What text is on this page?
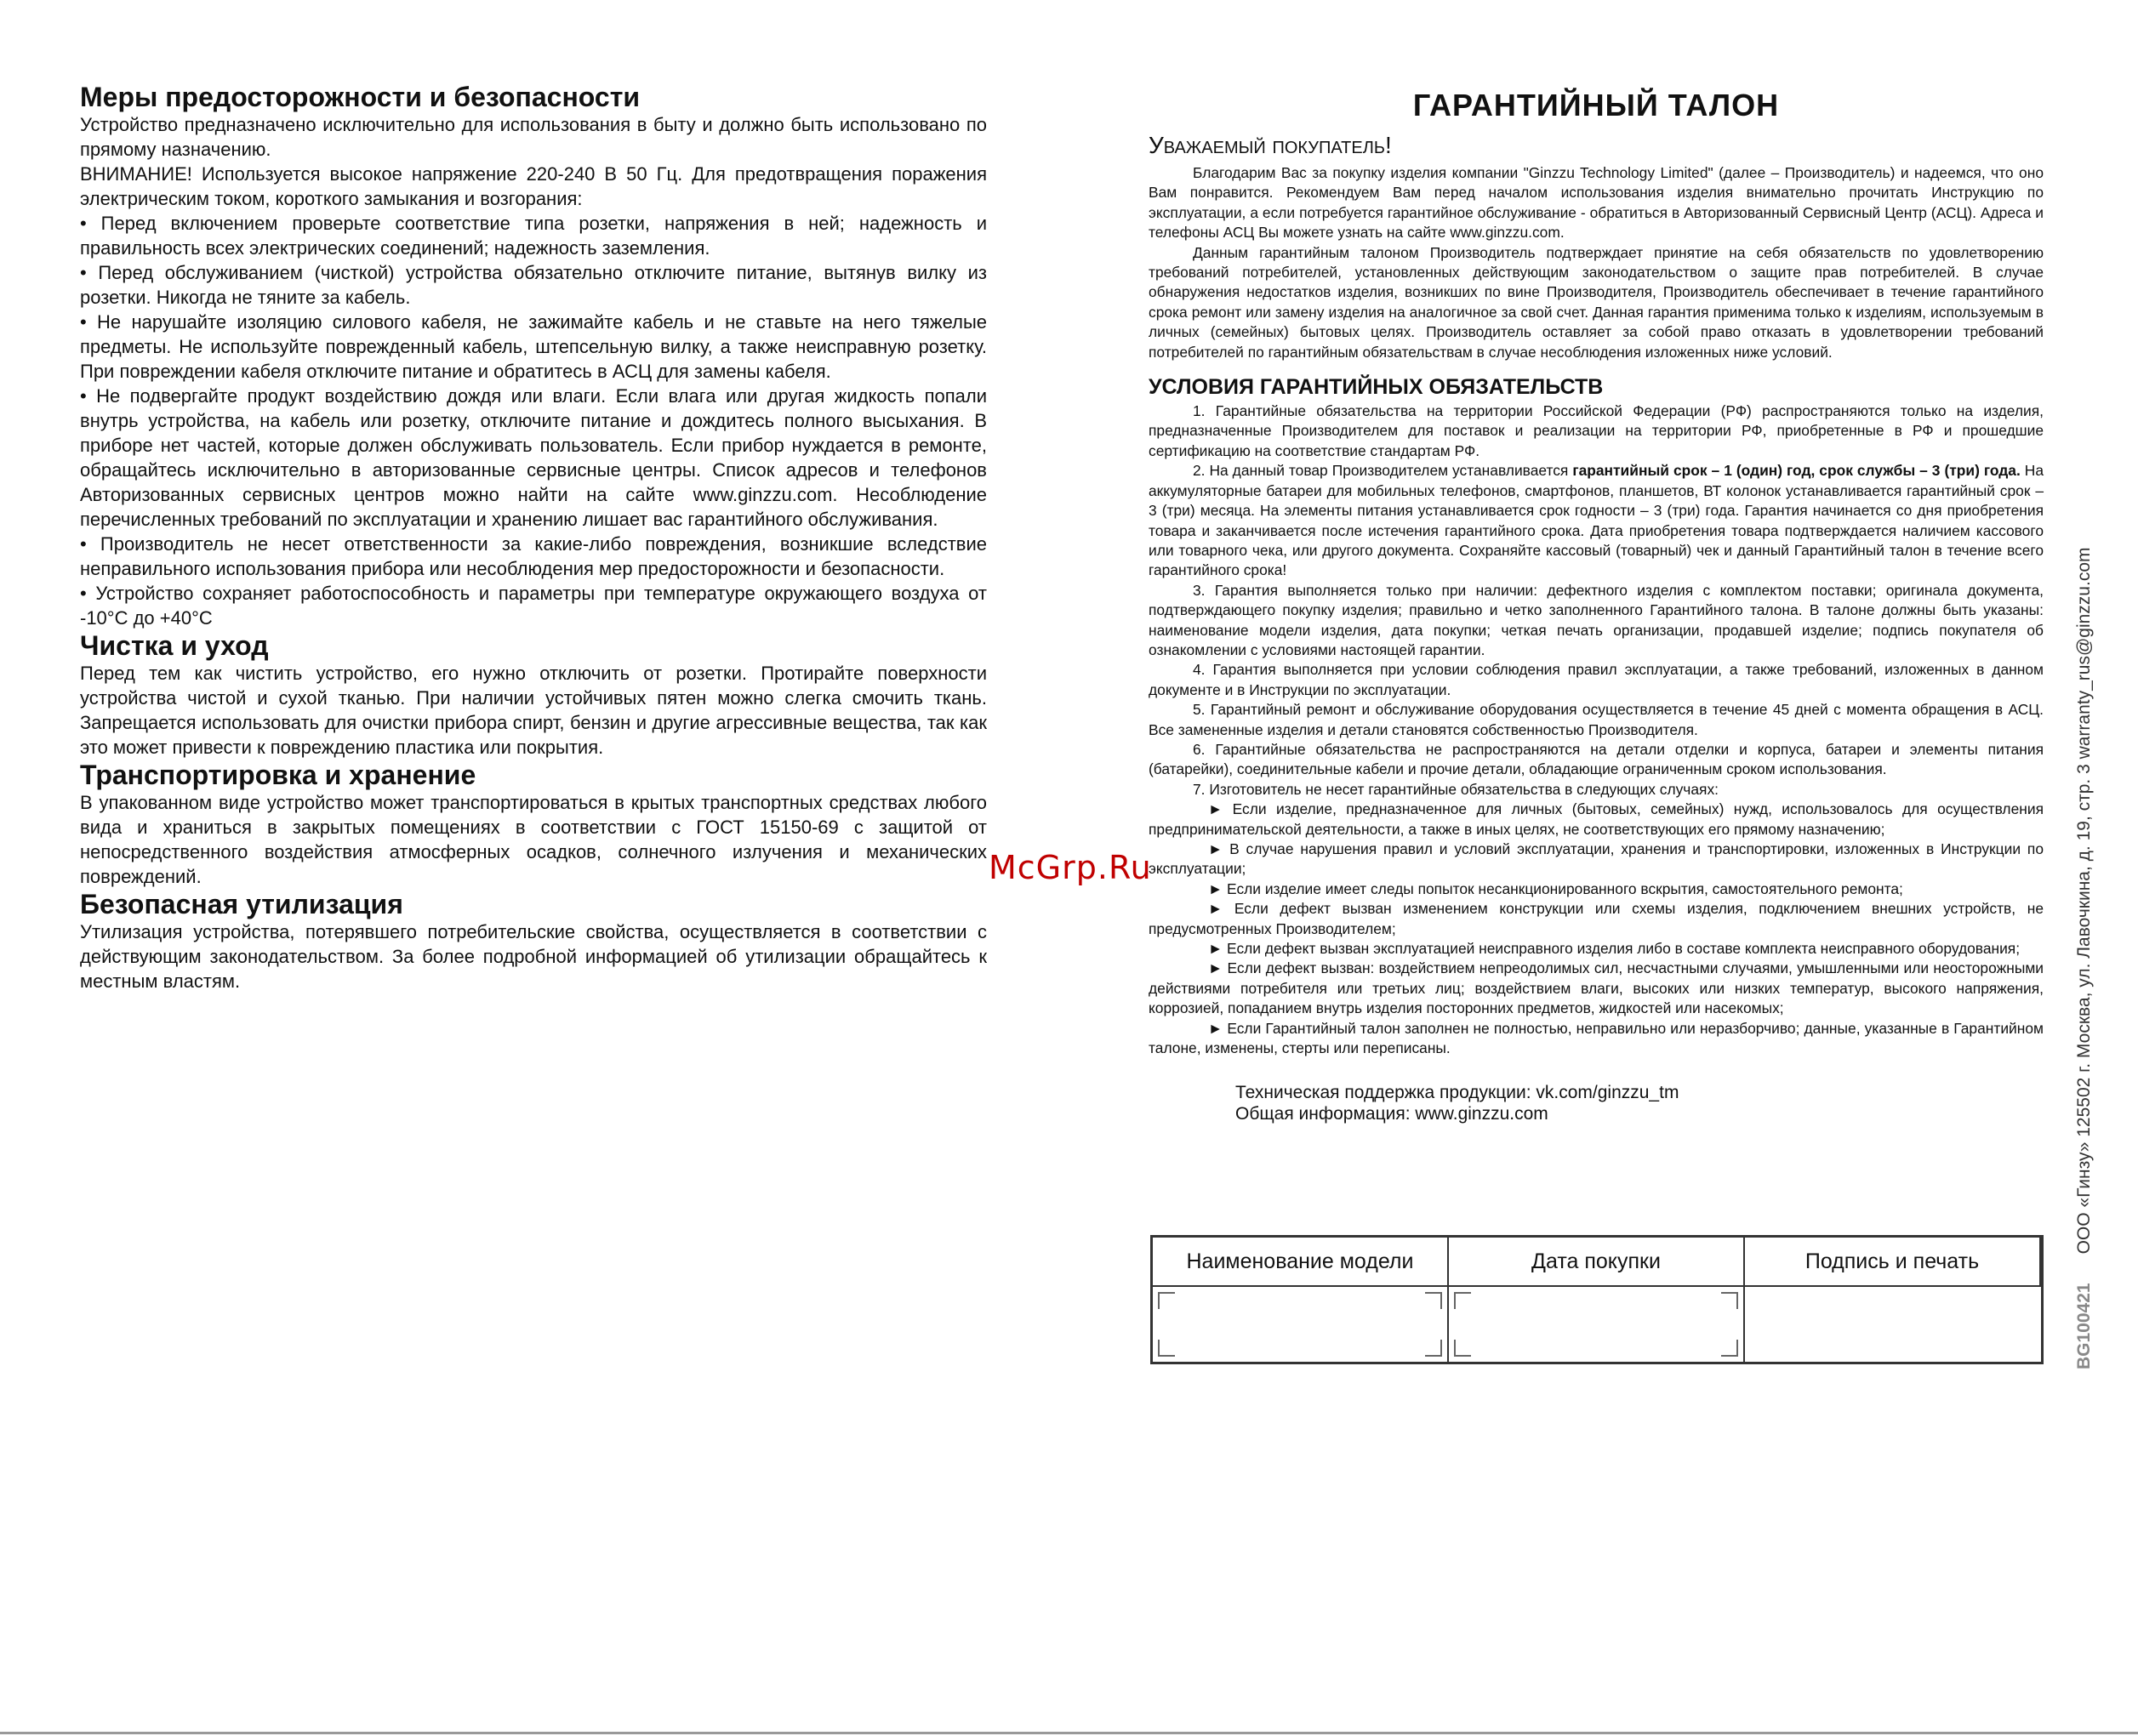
Меры предосторожности и безопасности

Устройство предназначено исключительно для использования в быту и должно быть использовано по прямому назначению.

ВНИМАНИЕ! Используется высокое напряжение 220-240 В 50 Гц. Для предотвращения поражения электрическим током, короткого замыкания и возгорания:

• Перед включением проверьте соответствие типа розетки, напряжения в ней; надежность и правильность всех электрических соединений; надежность заземления.

• Перед обслуживанием (чисткой) устройства обязательно отключите питание, вытянув вилку из розетки. Никогда не тяните за кабель.

• Не нарушайте изоляцию силового кабеля, не зажимайте кабель и не ставьте на него тяжелые предметы. Не используйте поврежденный кабель, штепсельную вилку, а также неисправную розетку. При повреждении кабеля отключите питание и обратитесь в АСЦ для замены кабеля.

• Не подвергайте продукт воздействию дождя или влаги. Если влага или другая жидкость попали внутрь устройства, на кабель или розетку, отключите питание и дождитесь полного высыхания. В приборе нет частей, которые должен обслуживать пользователь. Если прибор нуждается в ремонте, обращайтесь исключительно в авторизованные сервисные центры. Список адресов и телефонов Авторизованных сервисных центров можно найти на сайте www.ginzzu.com. Несоблюдение перечисленных требований по эксплуатации и хранению лишает вас гарантийного обслуживания.

• Производитель не несет ответственности за какие-либо повреждения, возникшие вследствие неправильного использования прибора или несоблюдения мер предосторожности и безопасности.

• Устройство сохраняет работоспособность и параметры при температуре окружающего воздуха от -10°С до +40°С

Чистка и уход

Перед тем как чистить устройство, его нужно отключить от розетки. Протирайте поверхности устройства чистой и сухой тканью. При наличии устойчивых пятен можно слегка смочить ткань. Запрещается использовать для очистки прибора спирт, бензин и другие агрессивные вещества, так как это может привести к повреждению пластика или покрытия.

Транспортировка и хранение

В упакованном виде устройство может транспортироваться в крытых транспортных средствах любого вида и храниться в закрытых помещениях в соответствии с ГОСТ 15150-69 с защитой от непосредственного воздействия атмосферных осадков, солнечного излучения и механических повреждений.

Безопасная утилизация

Утилизация устройства, потерявшего потребительские свойства, осуществляется в соответствии с действующим законодательством. За более подробной информацией об утилизации обращайтесь к местным властям.

ГАРАНТИЙНЫЙ ТАЛОН
Уважаемый покупатель!

Благодарим Вас за покупку изделия компании "Ginzzu Technology Limited" (далее – Производитель) и надеемся, что оно Вам понравится. Рекомендуем Вам перед началом использования изделия внимательно прочитать Инструкцию по эксплуатации, а если потребуется гарантийное обслуживание - обратиться в Авторизованный Сервисный Центр (АСЦ). Адреса и телефоны АСЦ Вы можете узнать на сайте www.ginzzu.com.

Данным гарантийным талоном Производитель подтверждает принятие на себя обязательств по удовлетворению требований потребителей, установленных действующим законодательством о защите прав потребителей. В случае обнаружения недостатков изделия, возникших по вине Производителя, Производитель обеспечивает в течение гарантийного срока ремонт или замену изделия на аналогичное за свой счет. Данная гарантия применима только к изделиям, используемым в личных (семейных) бытовых целях. Производитель оставляет за собой право отказать в удовлетворении требований потребителей по гарантийным обязательствам в случае несоблюдения изложенных ниже условий.

УСЛОВИЯ ГАРАНТИЙНЫХ ОБЯЗАТЕЛЬСТВ

1. Гарантийные обязательства на территории Российской Федерации (РФ) распространяются только на изделия, предназначенные Производителем для поставок и реализации на территории РФ, приобретенные в РФ и прошедшие сертификацию на соответствие стандартам РФ.

2. На данный товар Производителем устанавливается гарантийный срок – 1 (один) год, срок службы – 3 (три) года. На аккумуляторные батареи для мобильных телефонов, смартфонов, планшетов, ВТ колонок устанавливается гарантийный срок – 3 (три) месяца. На элементы питания устанавливается срок годности – 3 (три) года. Гарантия начинается со дня приобретения товара и заканчивается после истечения гарантийного срока. Дата приобретения товара подтверждается наличием кассового или товарного чека, или другого документа. Сохраняйте кассовый (товарный) чек и данный Гарантийный талон в течение всего гарантийного срока!

3. Гарантия выполняется только при наличии: дефектного изделия с комплектом поставки; оригинала документа, подтверждающего покупку изделия; правильно и четко заполненного Гарантийного талона. В талоне должны быть указаны: наименование модели изделия, дата покупки; четкая печать организации, продавшей изделие; подпись покупателя об ознакомлении с условиями настоящей гарантии.

4. Гарантия выполняется при условии соблюдения правил эксплуатации, а также требований, изложенных в данном документе и в Инструкции по эксплуатации.

5. Гарантийный ремонт и обслуживание оборудования осуществляется в течение 45 дней с момента обращения в АСЦ. Все замененные изделия и детали становятся собственностью Производителя.

6. Гарантийные обязательства не распространяются на детали отделки и корпуса, батареи и элементы питания (батарейки), соединительные кабели и прочие детали, обладающие ограниченным сроком использования.

7. Изготовитель не несет гарантийные обязательства в следующих случаях:

► Если изделие, предназначенное для личных (бытовых, семейных) нужд, использовалось для осуществления предпринимательской деятельности, а также в иных целях, не соответствующих его прямому назначению;

► В случае нарушения правил и условий эксплуатации, хранения и транспортировки, изложенных в Инструкции по эксплуатации;

► Если изделие имеет следы попыток несанкционированного вскрытия, самостоятельного ремонта;

► Если дефект вызван изменением конструкции или схемы изделия, подключением внешних устройств, не предусмотренных Производителем;

► Если дефект вызван эксплуатацией неисправного изделия либо в составе комплекта неисправного оборудования;

► Если дефект вызван: воздействием непреодолимых сил, несчастными случаями, умышленными или неосторожными действиями потребителя или третьих лиц; воздействием влаги, высоких или низких температур, высокого напряжения, коррозией, попаданием внутрь изделия посторонних предметов, жидкостей или насекомых;

► Если Гарантийный талон заполнен не полностью, неправильно или неразборчиво; данные, указанные в Гарантийном талоне, изменены, стерты или переписаны.

Техническая поддержка продукции: vk.com/ginzzu_tm
Общая информация: www.ginzzu.com
Наименование модели	Дата покупки	Подпись и печать
McGrp.Ru
BG100421ООО «Гинзу» 125502 г. Москва, ул. Лавочкина, д. 19, стр. 3 warranty_rus@ginzzu.com
